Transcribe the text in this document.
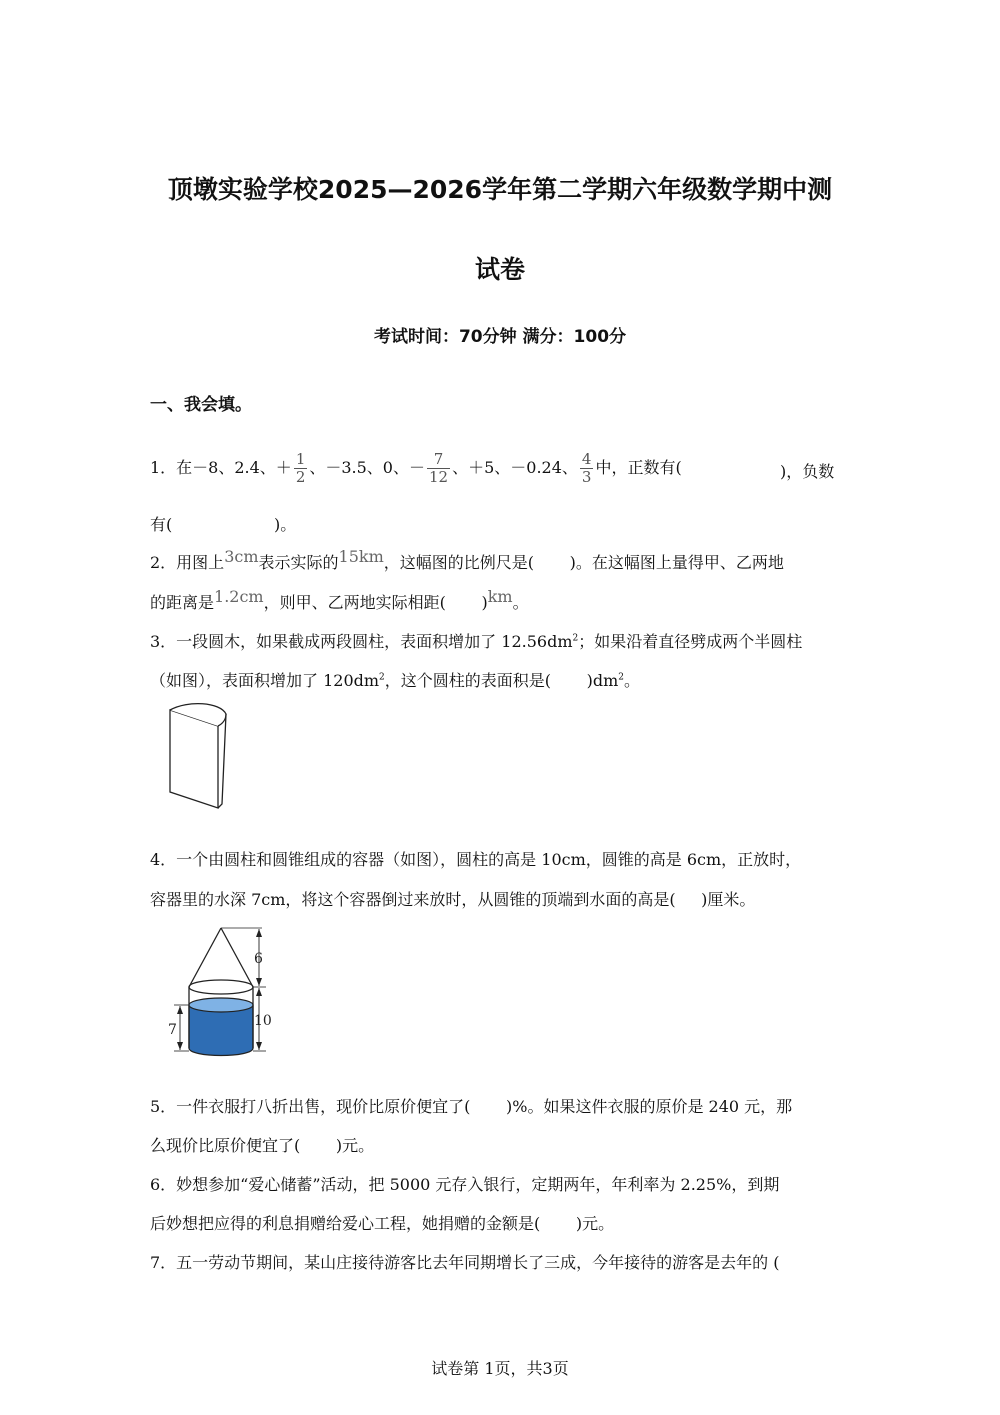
顶墩实验学校2025—2026学年第二学期六年级数学期中测
试卷
考试时间：70分钟 满分：100分
一、我会填。
1．在－8、2.4、＋ $\frac{1}{2}$ 、－3.5、0、－ $\frac{7}{12}$ 、＋5、－0.24、 $\frac{4}{3}$ 中，正数有(	)，负数
有(                    )。
2．用图上3cm表示实际的15km，这幅图的比例尺是(       )。在这幅图上量得甲、乙两地
的距离是1.2cm，则甲、乙两地实际相距(       )km。
3．一段圆木，如果截成两段圆柱，表面积增加了 $12.56dm^2$；如果沿着直径劈成两个半圆柱
（如图），表面积增加了 $120dm^2$，这个圆柱的表面积是(       )$dm^2$。
4．一个由圆柱和圆锥组成的容器（如图），圆柱的高是 10cm，圆锥的高是 6cm，正放时，
容器里的水深 7cm，将这个容器倒过来放时，从圆锥的顶端到水面的高是(     )厘米。
6
10
7
5．一件衣服打八折出售，现价比原价便宜了(       )%。如果这件衣服的原价是 240 元，那
么现价比原价便宜了(       )元。
6．妙想参加“爱心储蓄”活动，把 5000 元存入银行，定期两年，年利率为 2.25%，到期
后妙想把应得的利息捐赠给爱心工程，她捐赠的金额是(       )元。
7．五一劳动节期间，某山庄接待游客比去年同期增长了三成，今年接待的游客是去年的 (
试卷第 1页，共3页
